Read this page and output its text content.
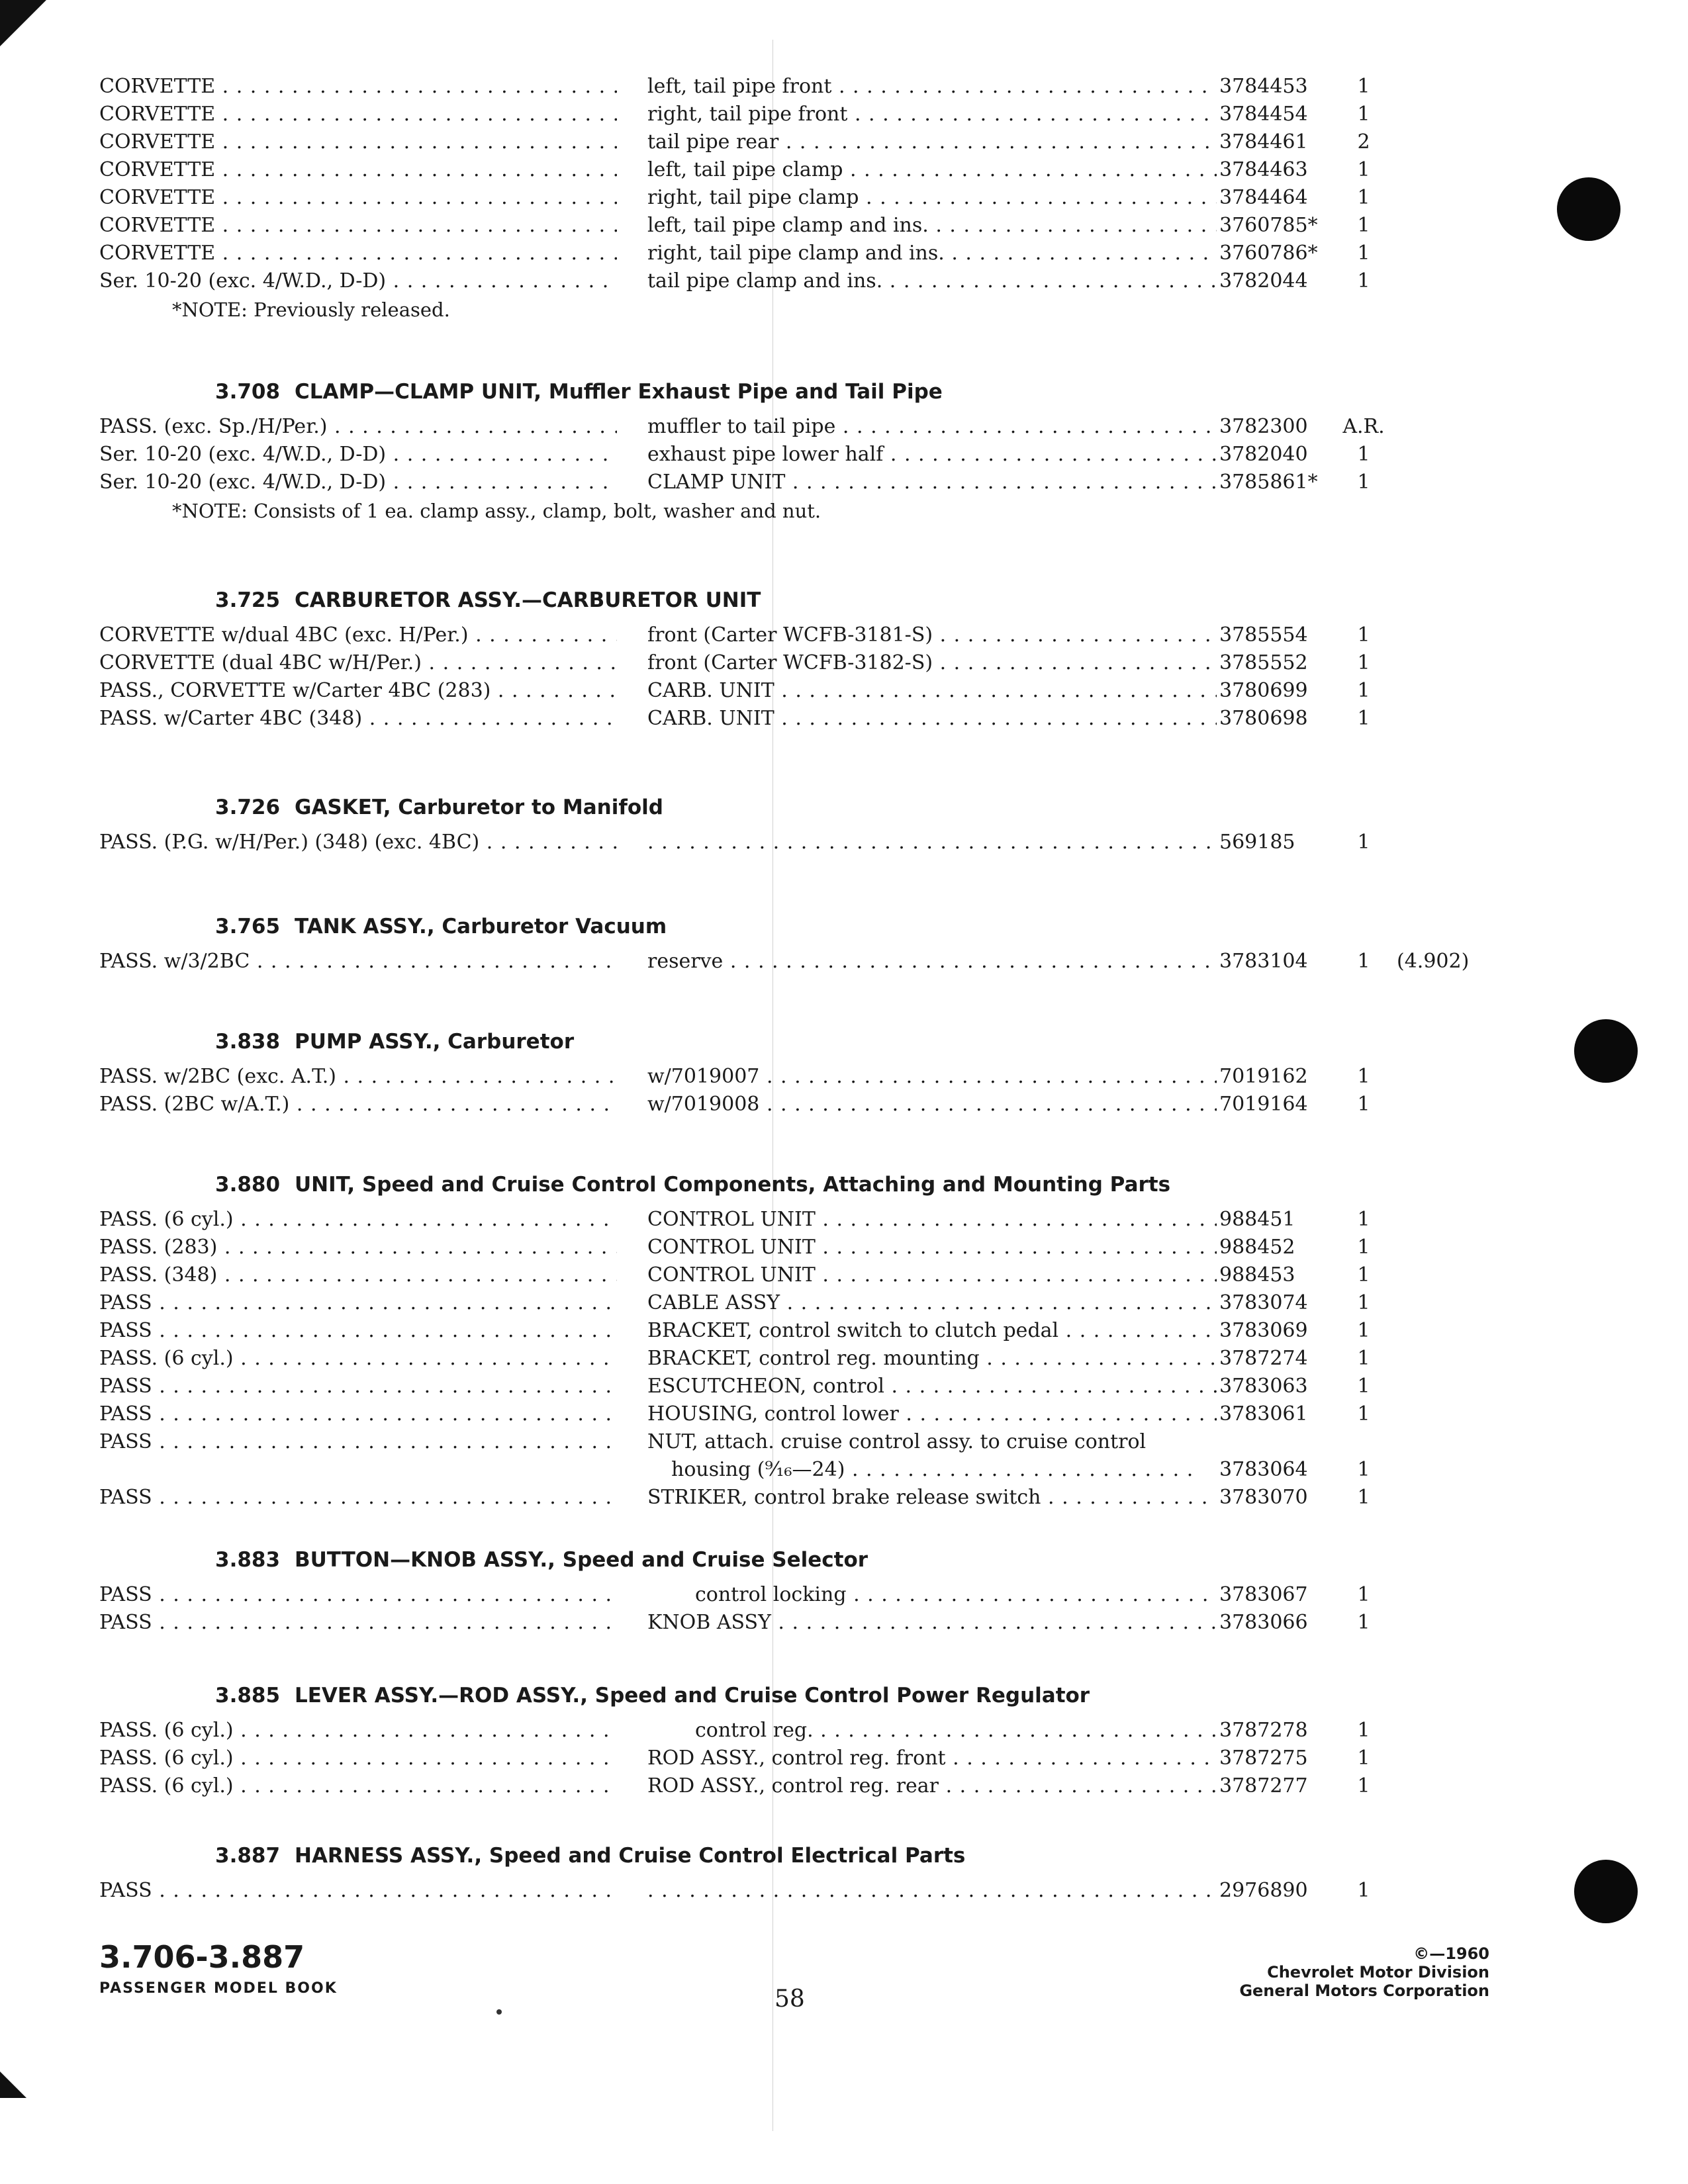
CORVETTE . . .	left, tail pipe front . . .	3784453	1
CORVETTE . . .	right, tail pipe front . . .	3784454	1
CORVETTE . . .	tail pipe rear . . .	3784461	2
CORVETTE . . .	left, tail pipe clamp . . .	3784463	1
CORVETTE . . .	right, tail pipe clamp . . .	3784464	1
CORVETTE . . .	left, tail pipe clamp and ins. . . .	3760785*	1
CORVETTE . . .	right, tail pipe clamp and ins. . . .	3760786*	1
Ser. 10-20 (exc. 4/W.D., D-D) . . .	tail pipe clamp and ins. . . .	3782044	1
*NOTE: Previously released.
3.708 CLAMP—CLAMP UNIT, Muffler Exhaust Pipe and Tail Pipe
PASS. (exc. Sp./H/Per.) . . .	muffler to tail pipe . . .	3782300	A.R.
Ser. 10-20 (exc. 4/W.D., D-D) . . .	exhaust pipe lower half . . .	3782040	1
Ser. 10-20 (exc. 4/W.D., D-D) . . .	CLAMP UNIT . . .	3785861*	1
*NOTE: Consists of 1 ea. clamp assy., clamp, bolt, washer and nut.
3.725 CARBURETOR ASSY.—CARBURETOR UNIT
CORVETTE w/dual 4BC (exc. H/Per.) . . .	front (Carter WCFB-3181-S) . . .	3785554	1
CORVETTE (dual 4BC w/H/Per.) . . .	front (Carter WCFB-3182-S) . . .	3785552	1
PASS., CORVETTE w/Carter 4BC (283) . . .	CARB. UNIT . . .	3780699	1
PASS. w/Carter 4BC (348) . . .	CARB. UNIT . . .	3780698	1
3.726 GASKET, Carburetor to Manifold
PASS. (P.G. w/H/Per.) (348) (exc. 4BC) . . . . . .	569185	1
3.765 TANK ASSY., Carburetor Vacuum
PASS. w/3/2BC . . .	reserve . . .	3783104	1	(4.902)
3.838 PUMP ASSY., Carburetor
PASS. w/2BC (exc. A.T.) . . .	w/7019007 . . .	7019162	1
PASS. (2BC w/A.T.) . . .	w/7019008 . . .	7019164	1
3.880 UNIT, Speed and Cruise Control Components, Attaching and Mounting Parts
PASS. (6 cyl.) . . .	CONTROL UNIT . . .	988451	1
PASS. (283) . . .	CONTROL UNIT . . .	988452	1
PASS. (348) . . .	CONTROL UNIT . . .	988453	1
PASS . . .	CABLE ASSY . . .	3783074	1
PASS . . .	BRACKET, control switch to clutch pedal . . .	3783069	1
PASS. (6 cyl.) . . .	BRACKET, control reg. mounting . . .	3787274	1
PASS . . .	ESCUTCHEON, control . . .	3783063	1
PASS . . .	HOUSING, control lower . . .	3783061	1
PASS . . .	NUT, attach. cruise control assy. to cruise control
housing (⁹⁄₁₆—24) . . .	3783064	1
PASS . . .	STRIKER, control brake release switch . . .	3783070	1
3.883 BUTTON—KNOB ASSY., Speed and Cruise Selector
PASS . . .	control locking . . .	3783067	1
PASS . . .	KNOB ASSY . . .	3783066	1
3.885 LEVER ASSY.—ROD ASSY., Speed and Cruise Control Power Regulator
PASS. (6 cyl.) . . .	control reg. . . .	3787278	1
PASS. (6 cyl.) . . .	ROD ASSY., control reg. front . . .	3787275	1
PASS. (6 cyl.) . . .	ROD ASSY., control reg. rear . . .	3787277	1
3.887 HARNESS ASSY., Speed and Cruise Control Electrical Parts
PASS . . . . . .	2976890	1
3.706-3.887
PASSENGER MODEL BOOK	58
©—1960
Chevrolet Motor Division
General Motors Corporation
